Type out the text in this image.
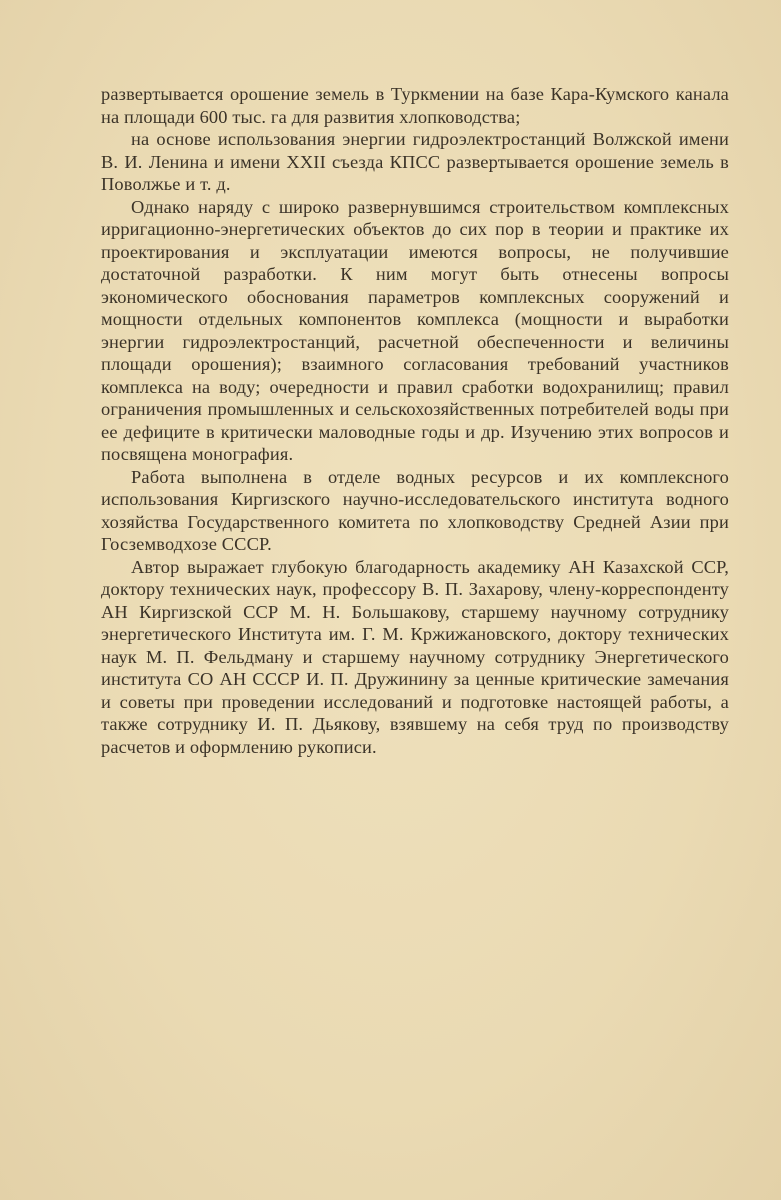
развертывается орошение земель в Туркмении на базе Кара-Кумского канала на площади 600 тыс. га для развития хлопководства;

на основе использования энергии гидроэлектростанций Волжской имени В. И. Ленина и имени XXII съезда КПСС развертывается орошение земель в Поволжье и т. д.

Однако наряду с широко развернувшимся строительством комплексных ирригационно-энергетических объектов до сих пор в теории и практике их проектирования и эксплуатации имеются вопросы, не получившие достаточной разработки. К ним могут быть отнесены вопросы экономического обоснования параметров комплексных сооружений и мощности отдельных компонентов комплекса (мощности и выработки энергии гидроэлектростанций, расчетной обеспеченности и величины площади орошения); взаимного согласования требований участников комплекса на воду; очередности и правил сработки водохранилищ; правил ограничения промышленных и сельскохозяйственных потребителей воды при ее дефиците в критически маловодные годы и др. Изучению этих вопросов и посвящена монография.

Работа выполнена в отделе водных ресурсов и их комплексного использования Киргизского научно-исследовательского института водного хозяйства Государственного комитета по хлопководству Средней Азии при Госземводхозе СССР.

Автор выражает глубокую благодарность академику АН Казахской ССР, доктору технических наук, профессору В. П. Захарову, члену-корреспонденту АН Киргизской ССР М. Н. Большакову, старшему научному сотруднику энергетического Института им. Г. М. Кржижановского, доктору технических наук М. П. Фельдману и старшему научному сотруднику Энергетического института СО АН СССР И. П. Дружинину за ценные критические замечания и советы при проведении исследований и подготовке настоящей работы, а также сотруднику И. П. Дьякову, взявшему на себя труд по производству расчетов и оформлению рукописи.
